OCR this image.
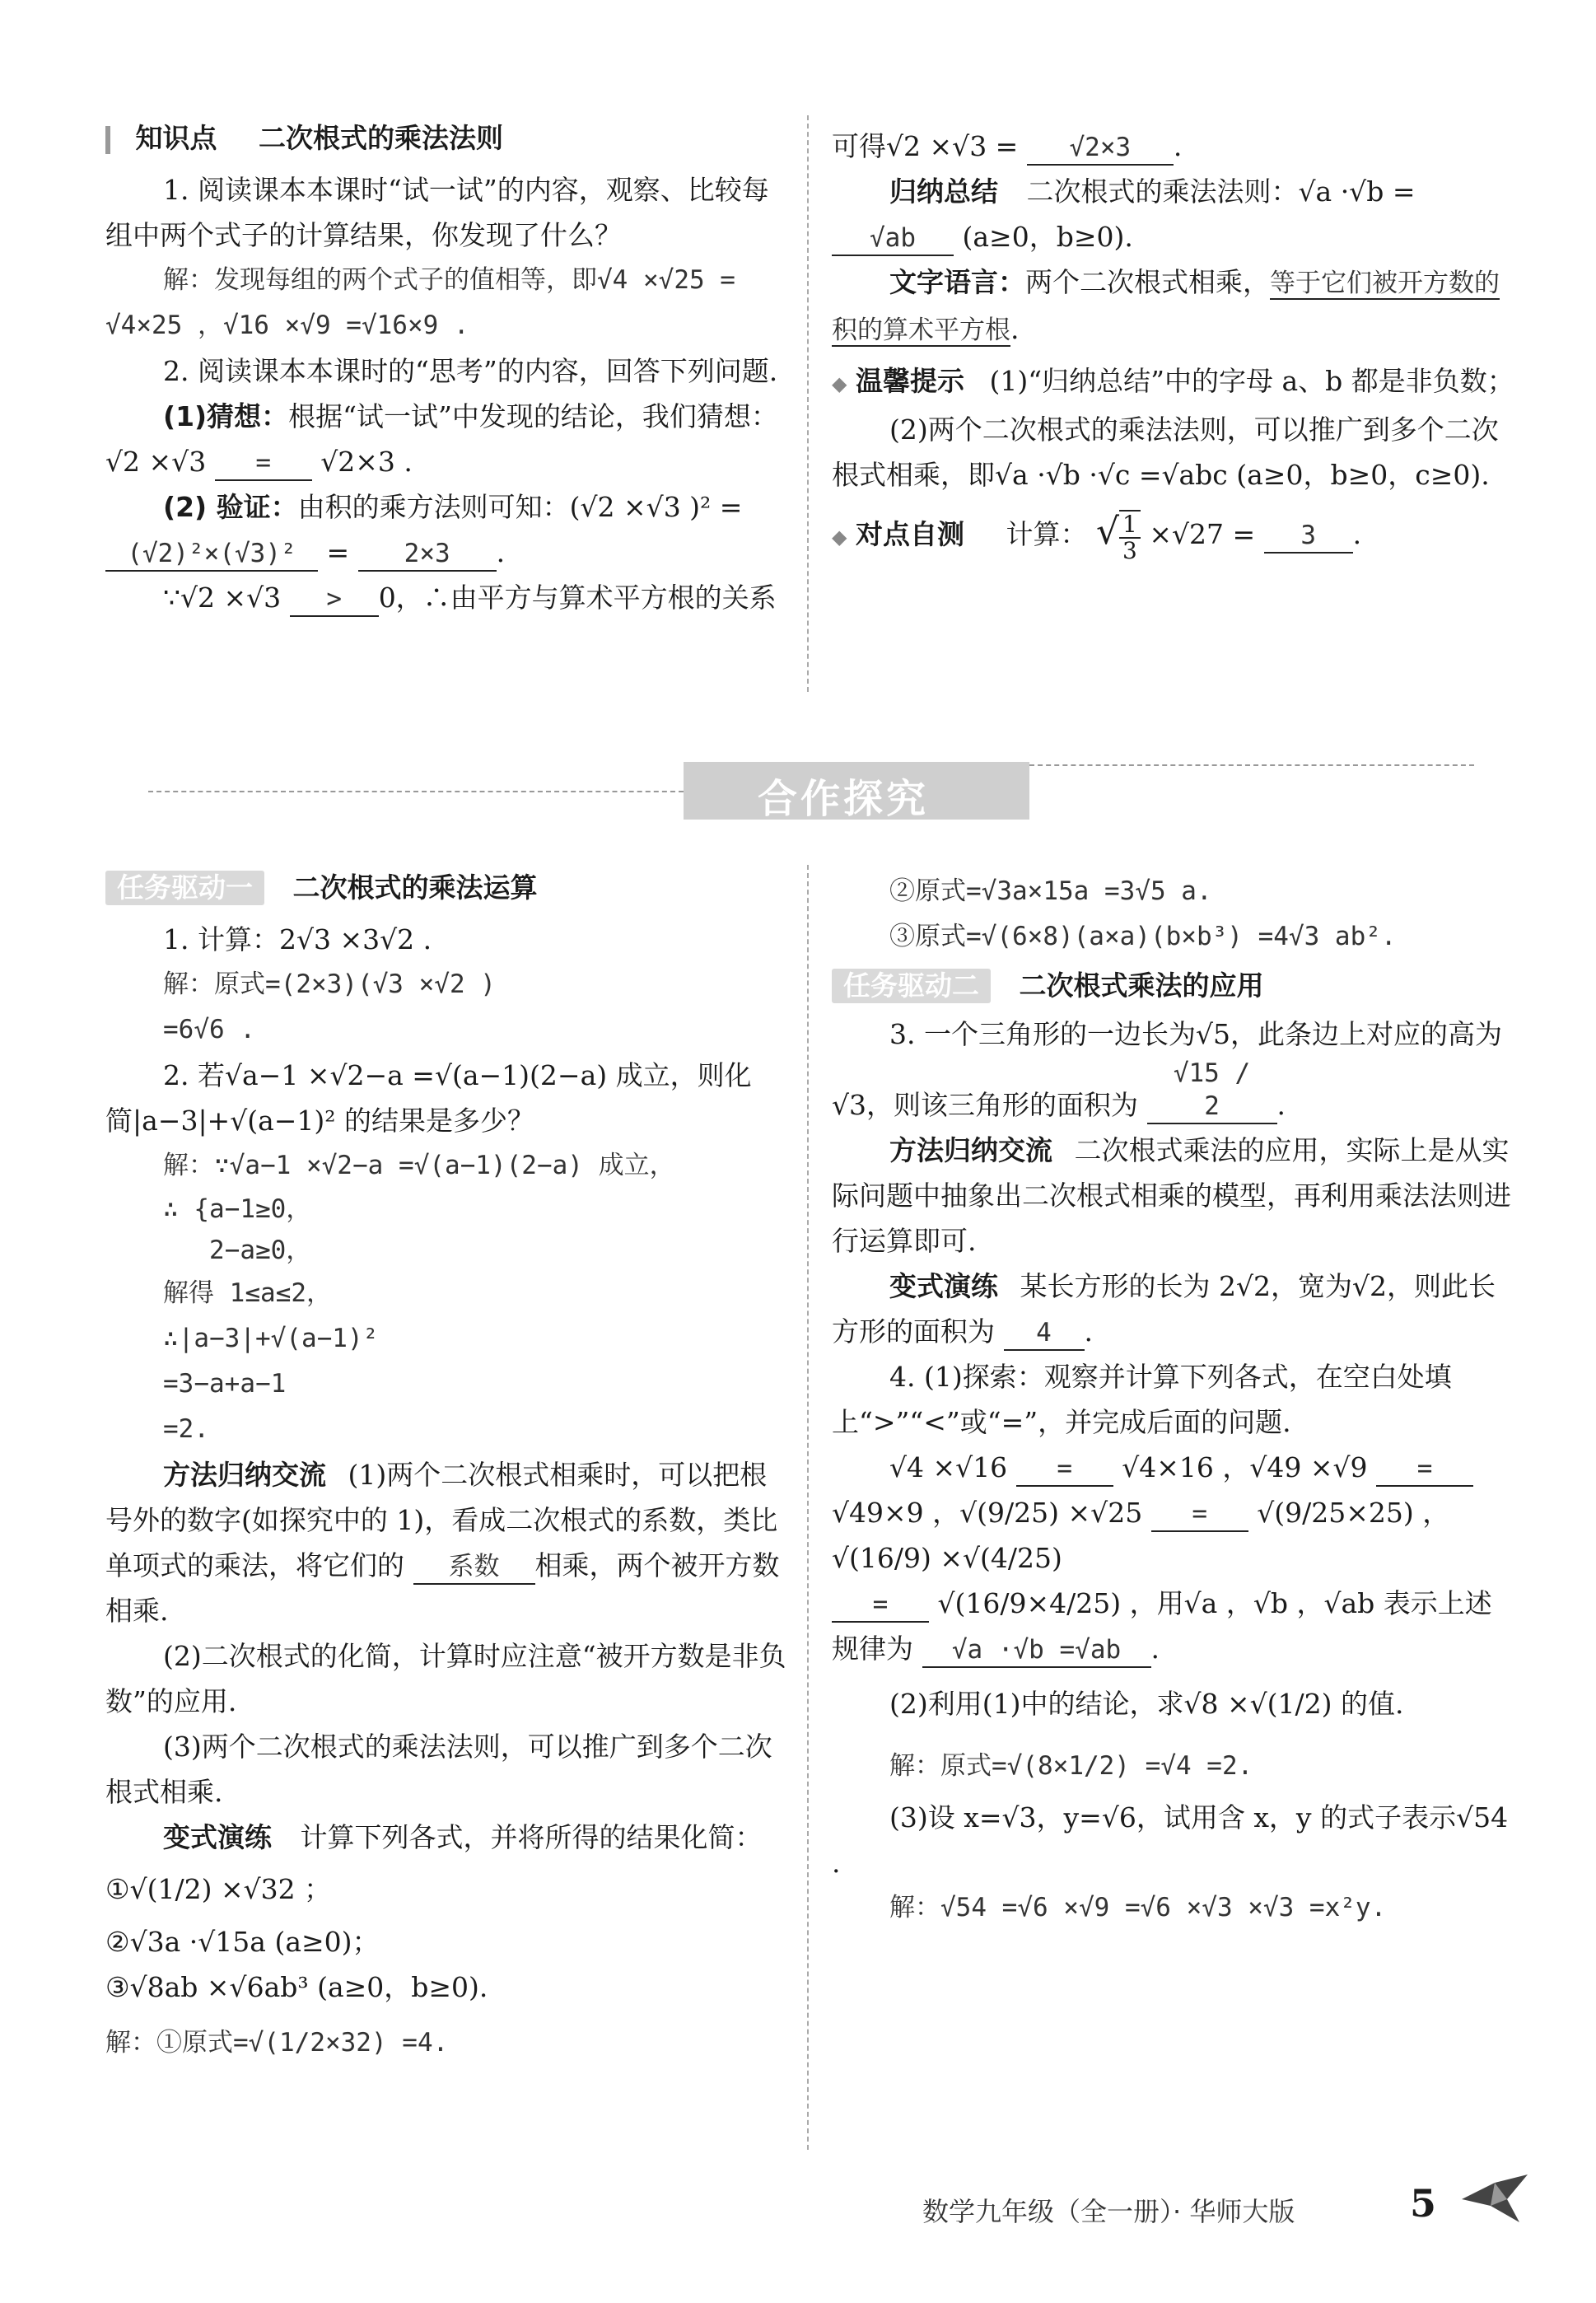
知识点 二次根式的乘法法则

1. 阅读课本本课时“试一试”的内容，观察、比较每组中两个式子的计算结果，你发现了什么？

解：发现每组的两个式子的值相等，即√4 ×√25 =

√4×25 ，√16 ×√9 =√16×9 .

2. 阅读课本本课时的“思考”的内容，回答下列问题.

(1)猜想：根据“试一试”中发现的结论，我们猜想：

√2 ×√3 = √2×3 .

(2) 验证：由积的乘方法则可知：(√2 ×√3 )² =

(√2)²×(√3)² = 2×3 .

∵√2 ×√3 > 0，∴由平方与算术平方根的关系

可得√2 ×√3 = √2×3 .

归纳总结 二次根式的乘法法则：√a ·√b =

√ab (a≥0，b≥0).

文字语言：两个二次根式相乘，等于它们被开方数的积的算术平方根.

◆ 温馨提示 (1)“归纳总结”中的字母 a、b 都是非负数；

(2)两个二次根式的乘法法则，可以推广到多个二次根式相乘，即√a ·√b ·√c =√abc (a≥0，b≥0，c≥0).

◆ 对点自测 计算： √ $\frac{1}{3} \times√27 = 3$ .

合作探究

任务驱动一 二次根式的乘法运算

1. 计算：2√3 ×3√2 .

解：原式=(2×3)(√3 ×√2 )

=6√6 .

2. 若√a−1 ×√2−a =√(a−1)(2−a) 成立，则化简|a−3|+√(a−1)² 的结果是多少？

解：∵√a−1 ×√2−a =√(a−1)(2−a) 成立，

∴ {a−1≥0，

2−a≥0，

解得 1≤a≤2，

∴|a−3|+√(a−1)²

=3−a+a−1

=2.

方法归纳交流 (1)两个二次根式相乘时，可以把根号外的数字(如探究中的 1)，看成二次根式的系数，类比单项式的乘法，将它们的 系数 相乘，两个被开方数相乘.

(2)二次根式的化简，计算时应注意“被开方数是非负数”的应用.

(3)两个二次根式的乘法法则，可以推广到多个二次根式相乘.

变式演练 计算下列各式，并将所得的结果化简：

①√(1/2) ×√32 ；

②√3a ·√15a (a≥0)；

③√8ab ×√6ab³ (a≥0，b≥0).

解：①原式=√(1/2×32) =4.

②原式=√3a×15a =3√5 a.

③原式=√(6×8)(a×a)(b×b³) =4√3 ab².

任务驱动二 二次根式乘法的应用

3. 一个三角形的一边长为√5，此条边上对应的高为√3，则该三角形的面积为 √15 / 2 .

方法归纳交流 二次根式乘法的应用，实际上是从实际问题中抽象出二次根式相乘的模型，再利用乘法法则进行运算即可.

变式演练 某长方形的长为 2√2，宽为√2，则此长方形的面积为 4 .

4. (1)探索：观察并计算下列各式，在空白处填上“>”“<”或“=”，并完成后面的问题.

√4 ×√16 = √4×16 ，√49 ×√9 =

√49×9 ，√(9/25) ×√25 = √(9/25×25) ，√(16/9) ×√(4/25)

= √(16/9×4/25) ，用√a ，√b ，√ab 表示上述规律为 √a ·√b =√ab .

(2)利用(1)中的结论，求√8 ×√(1/2) 的值.

解：原式=√(8×1/2) =√4 =2.

(3)设 x=√3，y=√6，试用含 x，y 的式子表示√54 .

解：√54 =√6 ×√9 =√6 ×√3 ×√3 =x²y.

数学九年级（全一册）· 华师大版	5
